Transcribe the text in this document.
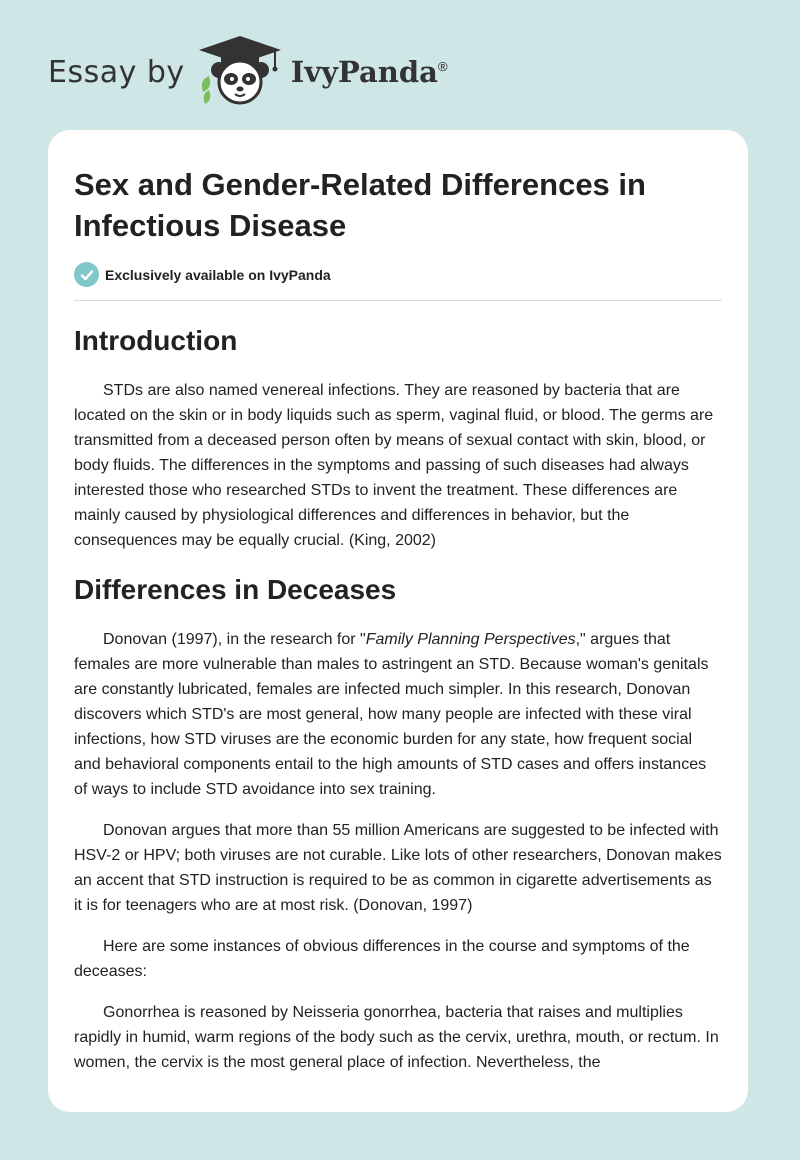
Essay by	IvyPanda ®
Sex and Gender-Related Differences in Infectious Disease
Exclusively available on IvyPanda
Introduction

STDs are also named venereal infections. They are reasoned by bacteria that are located on the skin or in body liquids such as sperm, vaginal fluid, or blood. The germs are transmitted from a deceased person often by means of sexual contact with skin, blood, or body fluids. The differences in the symptoms and passing of such diseases had always interested those who researched STDs to invent the treatment. These differences are mainly caused by physiological differences and differences in behavior, but the consequences may be equally crucial. (King, 2002)

Differences in Deceases

Donovan (1997), in the research for "Family Planning Perspectives," argues that females are more vulnerable than males to astringent an STD. Because woman's genitals are constantly lubricated, females are infected much simpler. In this research, Donovan discovers which STD's are most general, how many people are infected with these viral infections, how STD viruses are the economic burden for any state, how frequent social and behavioral components entail to the high amounts of STD cases and offers instances of ways to include STD avoidance into sex training.

Donovan argues that more than 55 million Americans are suggested to be infected with HSV-2 or HPV; both viruses are not curable. Like lots of other researchers, Donovan makes an accent that STD instruction is required to be as common in cigarette advertisements as it is for teenagers who are at most risk. (Donovan, 1997)

Here are some instances of obvious differences in the course and symptoms of the deceases:

Gonorrhea is reasoned by Neisseria gonorrhea, bacteria that raises and multiplies rapidly in humid, warm regions of the body such as the cervix, urethra, mouth, or rectum. In women, the cervix is the most general place of infection. Nevertheless, the
